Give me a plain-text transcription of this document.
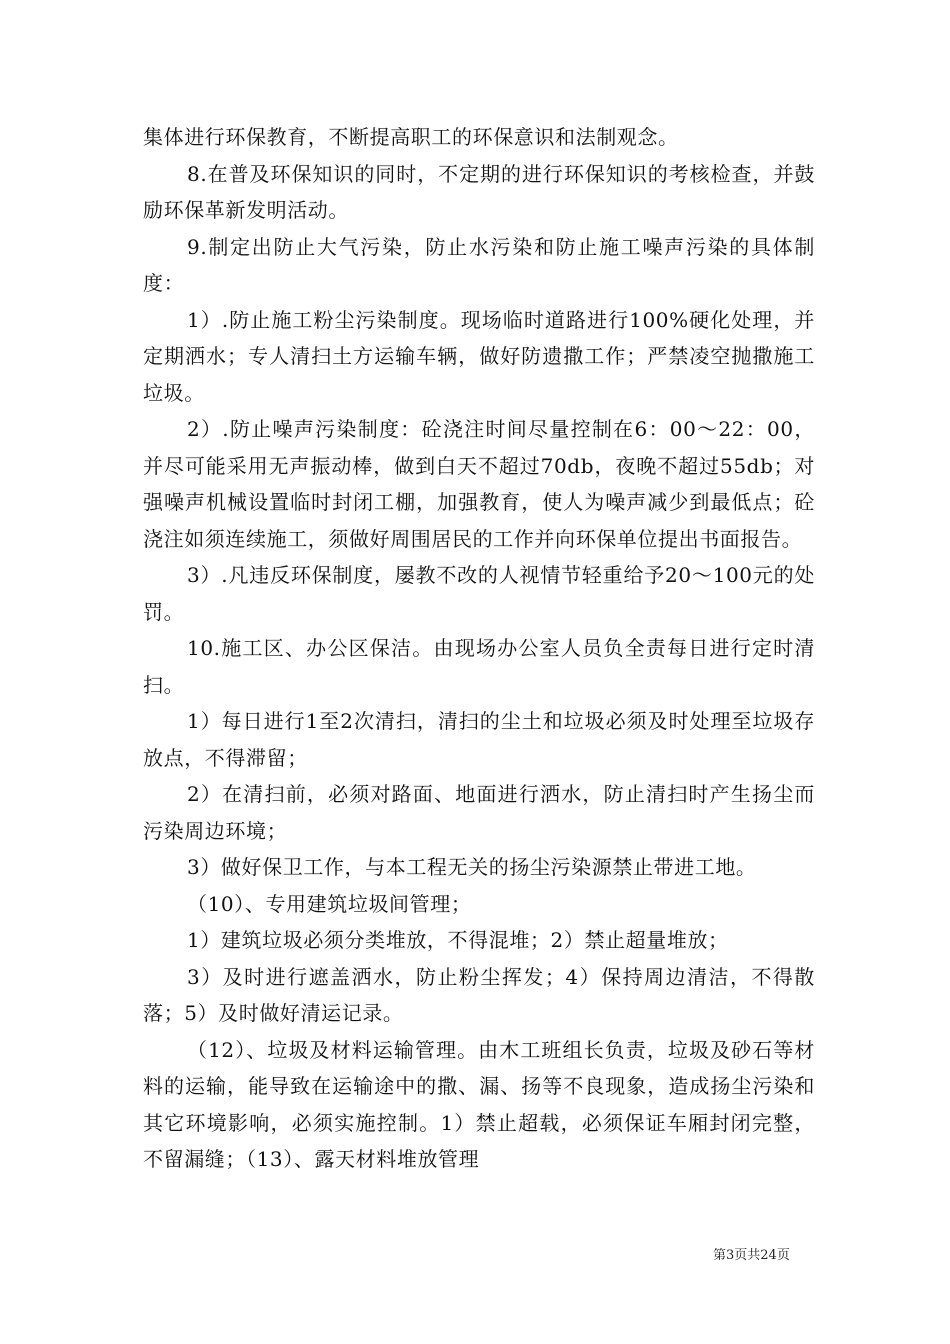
集体进行环保教育，不断提高职工的环保意识和法制观念。

8.在普及环保知识的同时，不定期的进行环保知识的考核检查，并鼓励环保革新发明活动。

9.制定出防止大气污染，防止水污染和防止施工噪声污染的具体制度：

1）.防止施工粉尘污染制度。现场临时道路进行100%硬化处理，并定期洒水；专人清扫土方运输车辆，做好防遗撒工作；严禁凌空抛撒施工垃圾。

2）.防止噪声污染制度：砼浇注时间尽量控制在6：00～22：00，并尽可能采用无声振动棒，做到白天不超过70db，夜晚不超过55db；对强噪声机械设置临时封闭工棚，加强教育，使人为噪声减少到最低点；砼浇注如须连续施工，须做好周围居民的工作并向环保单位提出书面报告。

3）.凡违反环保制度，屡教不改的人视情节轻重给予20～100元的处罚。

10.施工区、办公区保洁。由现场办公室人员负全责每日进行定时清扫。

1）每日进行1至2次清扫，清扫的尘土和垃圾必须及时处理至垃圾存放点，不得滞留；

2）在清扫前，必须对路面、地面进行洒水，防止清扫时产生扬尘而污染周边环境；

3）做好保卫工作，与本工程无关的扬尘污染源禁止带进工地。

（10）、专用建筑垃圾间管理；

1）建筑垃圾必须分类堆放，不得混堆；2）禁止超量堆放；

3）及时进行遮盖洒水，防止粉尘挥发；4）保持周边清洁，不得散落；5）及时做好清运记录。

（12）、垃圾及材料运输管理。由木工班组长负责，垃圾及砂石等材料的运输，能导致在运输途中的撒、漏、扬等不良现象，造成扬尘污染和其它环境影响，必须实施控制。1）禁止超载，必须保证车厢封闭完整，不留漏缝；（13）、露天材料堆放管理

第3页共24页
